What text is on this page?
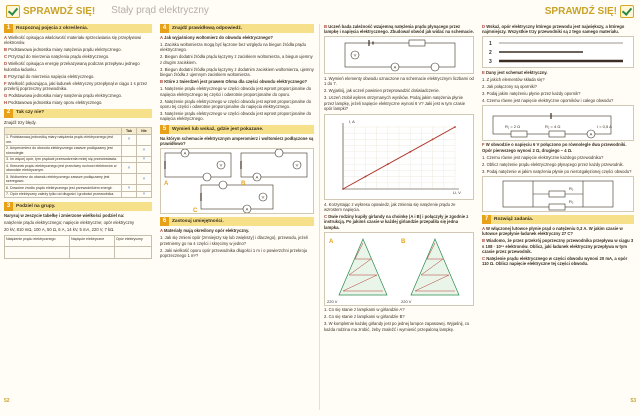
SPRAWDŹ SIĘ!	Stały prąd elektryczny	SPRAWDŹ SIĘ!
1	Rozpoznaj pojęcia z określenia.
A Wielkość opisująca właściwość materiału sprzeciwiania się przepływowi elektronów.
B Podstawowa jednostka miary natężenia prądu elektrycznego.
C Przyrząd do mierzenia natężenia prądu elektrycznego.
D Wielkość opisująca energię przekazywaną podczas przepływu jednego kulomba ładunku.
E Przyrząd do mierzenia napięcia elektrycznego.
F Wielkość pokazująca, jaki ładunek elektryczny przepłynął w ciągu 1 s przez przekrój poprzeczny przewodnika.
G Podstawowa jednostka miary natężenia prądu elektrycznego.
H Podstawowa jednostka miary oporu elektrycznego.
2	Tak czy nie?
Znajdź trzy błędy.
	Tak	Nie
1. Podstawową jednostką miary natężenia prądu elektrycznego jest om.	×	
2. Amperomierz do obwodu elektrycznego zawsze podłączamy jest równolegle.		×
3. Im więcej opór, tym prądowi przewodzenia mniej się przeciwstawia.		×
4. Kierunek prądu elektrycznego jest przeciwny ruchowi elektronów w obwodzie elektrycznym.	×	
5. Woltomierz do obwodu elektrycznego zawsze podłączamy jest szeregowo.		×
6. Dowolne źródło prądu elektrycznego jest przewodnikiem energii.	×	
7. Opór elektryczny zależy tylko od długości i grubości przewodnika.		×
3	Podziel na grupy.
Narysuj w zeszycie tabelkę i zmierzone wielkości podziel na:
natężenie prądu elektrycznego; napięcie elektryczne; opór elektryczny
20 kV, 810 mΩ, 100 A, 50 Ω, 6 A, 14 kV, 5 mA, 220 V, 7 kΩ.
Natężenie prądu elektrycznego	Napięcie elektryczne	Opór elektryczny

4	Znajdź prawidłową odpowiedź.
A Jak wyjaśniony woltomierz do obwodu elektrycznego?
1. Zacisku woltomierza mogą być łączone bez względu na biegun źródła prądu elektrycznego.
2. Biegun dodatni źródła prądu łączymy z zaciskiem woltomierza, a biegun ujemny z drugim zaciskiem.
3. Biegun dodatni źródła prądu łączymy z dodatnim zaciskiem woltomierza, ujemny biegun źródła z ujemnym zaciskiem woltomierza.
B Które z twierdzeń jest prawem Ohma dla części obwodu elektrycznego?
1. Natężenie prądu elektrycznego w części obwodu jest wprost proporcjonalne do napięcia elektrycznego tej części i odwrotnie proporcjonalne do oporu.
2. Natężenie prądu elektrycznego w części obwodu jest wprost proporcjonalne do oporu tej części i odwrotnie proporcjonalne do napięcia elektrycznego.
3. Natężenie prądu elektrycznego w części obwodu jest wprost proporcjonalne do napięcia elektrycznego.
5	Wymień lub wskaż, gdzie jest pokazane.
Na którym schemacie elektrycznym amperomierz i woltomierz podłączone są prawidłowo?
A
V
A
V
A
V
A	B
C
6	Zastosuj umiejętności.
A Materiały mają określony opór elektryczny.
1. Jak się zmieni opór (zmniejszy się lub zwiększy) i dlaczego), przewodu, jeżeli przetniemy go na 4 części i skręcimy w jedno?
2. Jaki wielkość oporu opór przewodnika długości 1 m i o powierzchni przekroju poprzecznego 1 m²?
52
B Uczeń bada zależność wzajemną natężenia prądu płynącego przez lampkę i napięcia elektrycznego. Zbudował obwód jak widać na schemacie.
V
A
1. Wymień elementy obwodu oznaczone na schemacie elektrycznym liczbami od 1 do 7.
2. Wyjaśnij, jak uczeń powinien przeprowadzić doświadczenie.
3. Uczeń zrobił wykres otrzymanych wyników. Podaj jakim natężenia płynie przez lampkę, jeżeli napięcie elektryczne wynosi 6 V? Jaki jest w tym czasie opór lampki?
I, A
U, V
4. Korzystając z wykresu opowiedz, jak zmienia się natężenie prądu ze wzrostem napięcia.
C Dwie rodziny kupiły girlandy na choinkę (A i B) i połączyły je zgodnie z instrukcją. Po jakimś czasie w każdej girlandzie przepaliła się jedna lampka.
A	B
220 V	220 V
1. Co się stanie z lampkami w girlandzie A?
2. Co się stanie z lampkami w girlandzie B?
3. W kompletnie każdej girlandy jest po jednej lampce zapasowej. Wyjaśnij, co każda rodzina ma zrobić, żeby znaleźć i wymienić przepaloną lampkę.
D Wskaż, opór elektryczny którego przewodu jest największy, a którego najmniejszy. Wszystkie trzy przewodniki są z tego samego materiału.
1
2
3
E Dany jest schemat elektryczny.
1. Z jakich elementów składa się?
2. Jak połączony są oporniki?
3. Podaj jakim natężeniu płynie przez każdy opornik?
4. Czemu równe jest napięcie elektryczne oporników i całego obwodu?
A
R₁ = 2 Ω	R₂ = 4 Ω	I = 0,5 A
F W obwodzie o napięciu 6 V połączono po równolegle dwa przewodniki. Opór pierwszego wynosi 2 Ω, drugiego – 4 Ω.
1. Czemu równe jest napięcie elektryczne każdego przewodnika?
2. Oblicz natężenie prądu elektrycznego płynącego przez każdy przewodnik.
3. Podaj natężenie w jakim natężenia płynie po nierozgałęzionej części obwodu?
R₁
R₂
7	Rozwiąż zadania.
A W włączonej lutowce płynie prąd o natężeniu 0,3 A. W jakim czasie w lutowce przepłynie ładunek elektryczny 27 C?
B Wiadomo, że przez przekrój poprzeczny przewodnika przepływa w ciągu 3 s 108 · 10¹⁹ elektronów. Oblicz, jaki ładunek elektryczny przepływa w tym czasie przez przewodnik.
C Natężenie prądu elektrycznego w części obwodu wynosi 20 mA, a opór 110 Ω. Oblicz napięcie elektryczne tej części obwodu.
53
